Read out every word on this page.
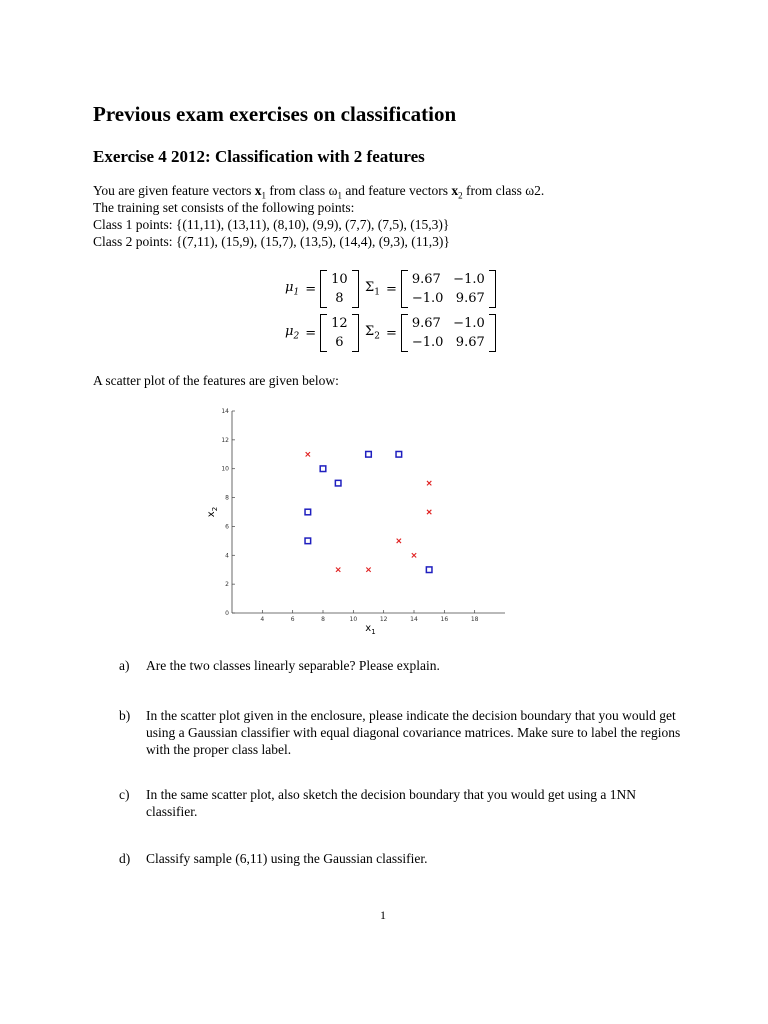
Previous exam exercises on classification
Exercise 4 2012: Classification with 2 features
You are given feature vectors $x_1$ from class $\omega_1$ and feature vectors $x_2$ from class ω2.
The training set consists of the following points:
Class 1 points: {(11,11), (13,11), (8,10), (9,9), (7,7), (7,5), (15,3)}
Class 2 points: {(7,11), (15,9), (15,7), (13,5), (14,4), (9,3), (11,3)}
$\mu_1$ =
10
8
$\Sigma_1$ =
9.67   −1.0
−1.0   9.67
$\mu_2$ =
12
6
$\Sigma_2$ =
9.67   −1.0
−1.0   9.67
A scatter plot of the features are given below:
4	6	8	10	12	14	16	18
0
2
4
6
8
10
12
14
$x_1$
$x_2$
a)	Are the two classes linearly separable? Please explain.
b)	In the scatter plot given in the enclosure, please indicate the decision boundary that you would get using a Gaussian classifier with equal diagonal covariance matrices. Make sure to label the regions with the proper class label.
c)	In the same scatter plot, also sketch the decision boundary that you would get using a 1NN classifier.
d)	Classify sample (6,11) using the Gaussian classifier.
1
